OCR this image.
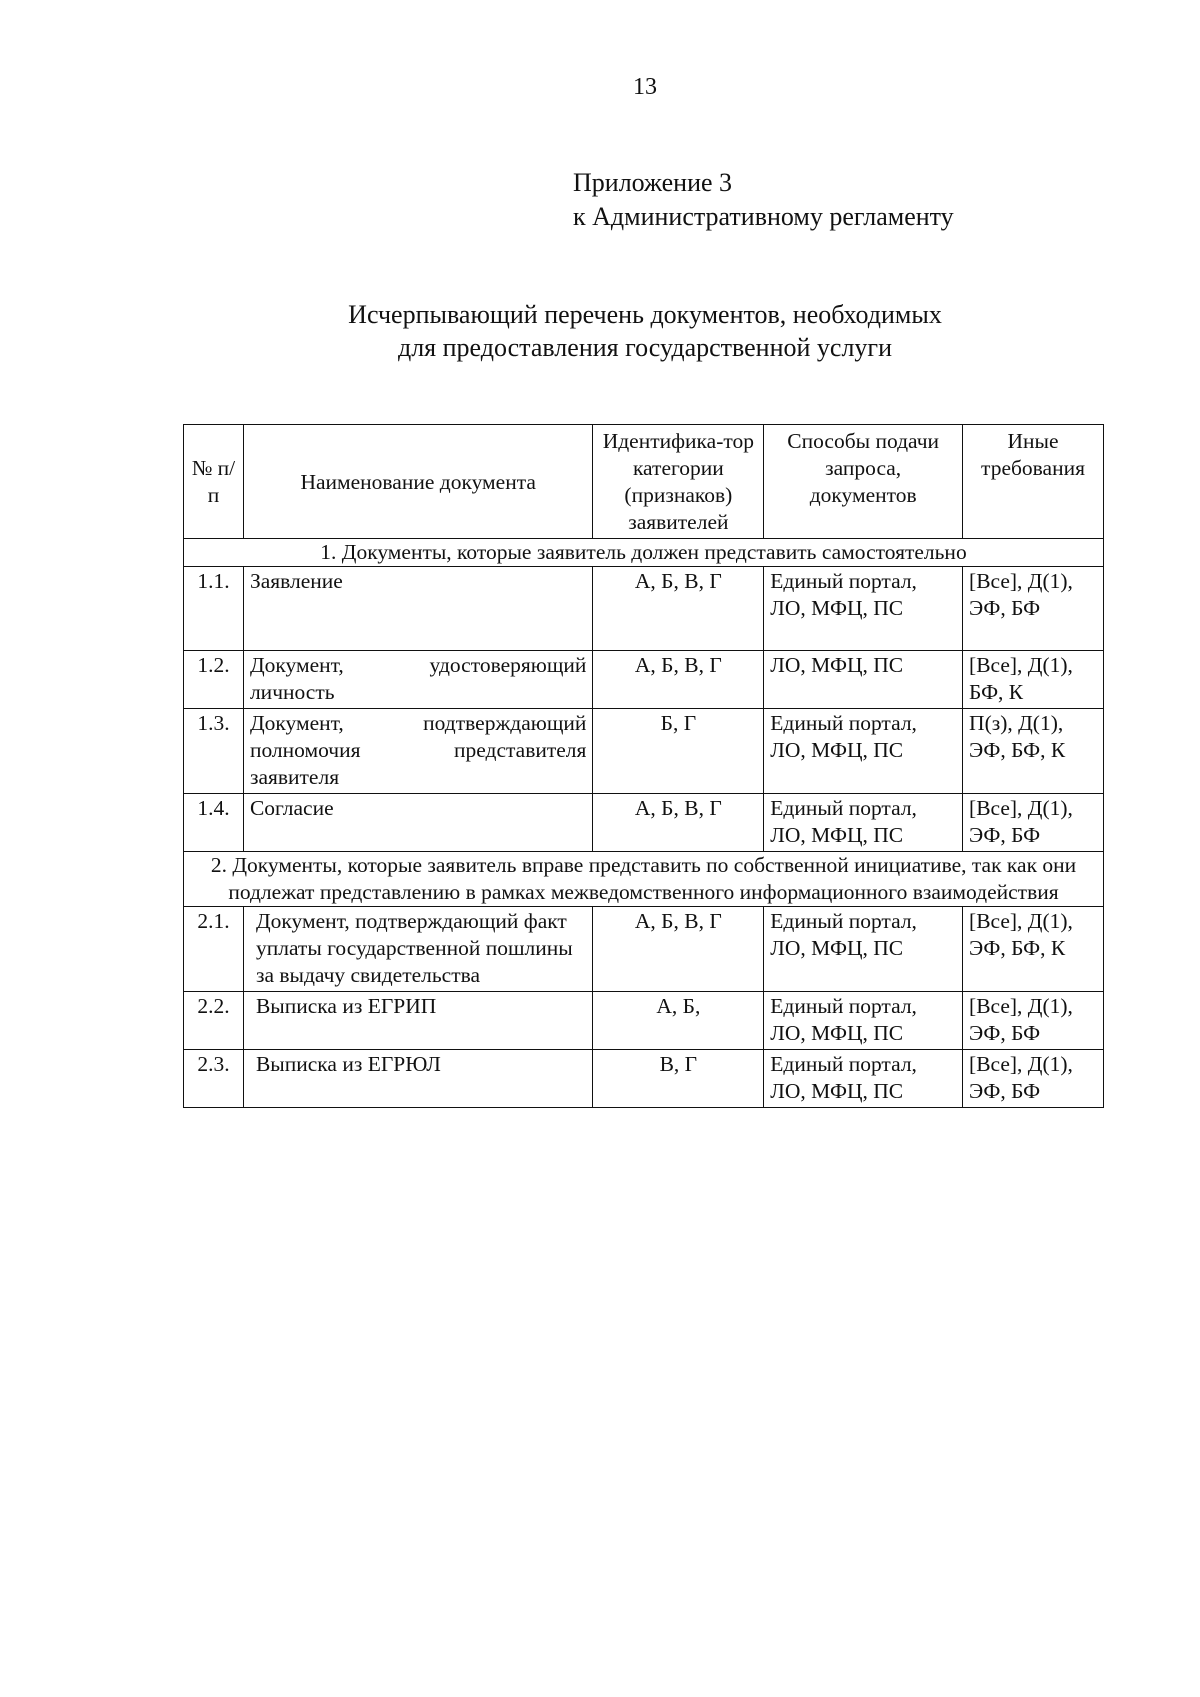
13
Приложение 3
к Административному регламенту
Исчерпывающий перечень документов, необходимых
для предоставления государственной услуги
№ п/п	Наименование документа	Идентифика-тор категории (признаков) заявителей	Способы подачи запроса, документов	Иные требования
1. Документы, которые заявитель должен представить самостоятельно				
1.1.	Заявление	А, Б, В, Г	Единый портал, ЛО, МФЦ, ПС	[Все], Д(1), ЭФ, БФ
1.2.	Документ, удостоверяющий личность	А, Б, В, Г	ЛО, МФЦ, ПС	[Все], Д(1), БФ, К
1.3.	Документ, подтверждающий полномочия представителя заявителя	Б, Г	Единый портал, ЛО, МФЦ, ПС	П(з), Д(1), ЭФ, БФ, К
1.4.	Согласие	А, Б, В, Г	Единый портал, ЛО, МФЦ, ПС	[Все], Д(1), ЭФ, БФ
2. Документы, которые заявитель вправе представить по собственной инициативе, так как они подлежат представлению в рамках межведомственного информационного взаимодействия				
2.1.	Документ, подтверждающий факт уплаты государственной пошлины за выдачу свидетельства	А, Б, В, Г	Единый портал, ЛО, МФЦ, ПС	[Все], Д(1), ЭФ, БФ, К
2.2.	Выписка из ЕГРИП	А, Б,	Единый портал, ЛО, МФЦ, ПС	[Все], Д(1), ЭФ, БФ
2.3.	Выписка из ЕГРЮЛ	В, Г	Единый портал, ЛО, МФЦ, ПС	[Все], Д(1), ЭФ, БФ
